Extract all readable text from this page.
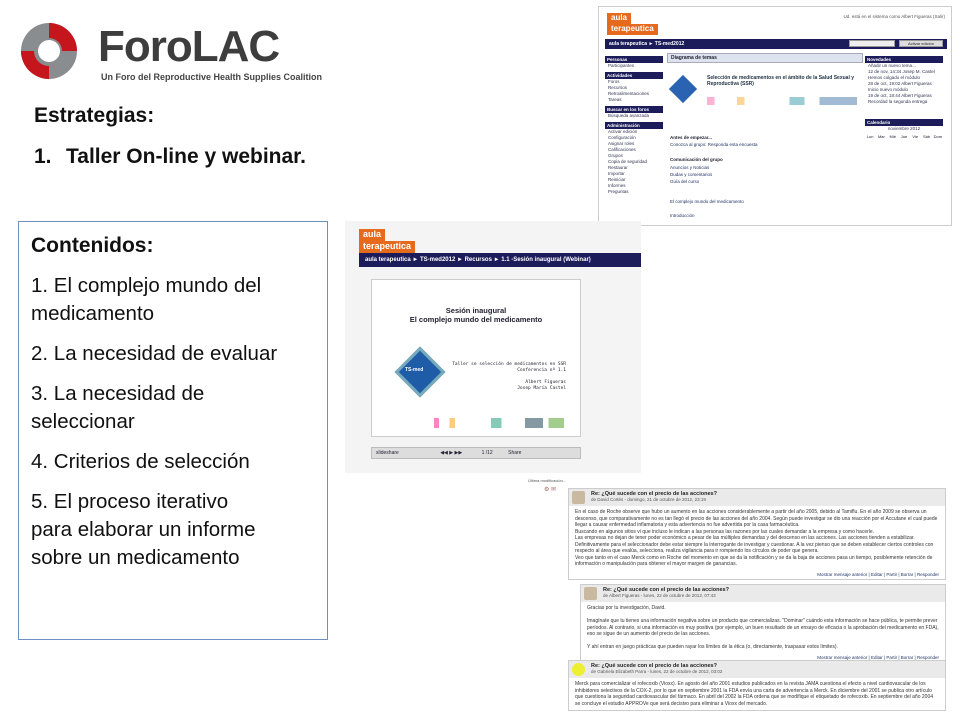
ForoLAC
Un Foro del Reproductive Health Supplies Coalition
Estrategias:
1. Taller On-line y webinar.
Contenidos:
1. El complejo mundo del
medicamento
2. La necesidad de evaluar
3. La necesidad de
seleccionar
4. Criterios de selección
5. El proceso iterativo
para elaborar un informe
sobre un medicamento
aula
terapeutica
Ud. está en el sistema como Albert Figueras (Salir)
aula terapeutica ► TS-med2012	Activar edición
Personas
Participantes
Actividades
Foros
Recursos
Retroalimentaciones
Tareas
Buscar en los foros
Búsqueda avanzada
Administración
Activar edición
Configuración
Asignar roles
Calificaciones
Grupos
Copia de seguridad
Restaurar
Importar
Reiniciar
Informes
Preguntas
Diagrama de temas
Selección de medicamentos en el ámbito de la Salud Sexual y Reproductiva (SSR)
Antes de empezar...
Conozca al grupo: Responda esta encuesta
Comunicación del grupo
Anuncios y Noticias
Dudas y comentarios
Guía del curso
El complejo mundo del medicamento
Introducción
Novedades
Añadir un nuevo tema...
12 de nov, 14:34 Josep M. Castel
Hemos colgado el módulo
28 de oct, 19:02 Albert Figueras
Inicio nuevo módulo
19 de oct, 18:44 Albert Figueras
Recordad la segunda entrega
Calendario
noviembre 2012
Lun	Mar	Mié	Jue	Vie	Sáb Dom
aula
terapeutica
aula terapeutica ► TS-med2012 ► Recursos ► 1.1 -Sesión inaugural (Webinar)
Sesión inaugural
El complejo mundo del medicamento
TS-med
Taller se selección de medicamentos en SSR
Conferencia nº 1.1

Albert Figueras
Josep María Castel
slideshare	◀◀ ▶ ▶▶	1 /12	Share
Última modificación...
⚙ ✉
Re: ¿Qué sucede con el precio de las acciones?
de David Cortés - domingo, 21 de octubre de 2012, 23:19
En el caso de Roche observe que hubo un aumento en las acciones considerablemente a partir del año 2005, debido al Tamiflu. En el año 2009 se observa un descenso, que comparativamente no es tan llegó el precio de las acciones del año 2004. Según puede investigar se dio una reacción por el Accutane el cual puede llegar a causar enfermedad inflamatoria y esta advertencia no fue advertida por la casa farmacéutica.
Buscando en algunos sitios vi que incluso le indican a las personas las razones por las cuales demandar a la empresa y como hacerle.
Las empresas no dejan de tener poder económico a pesar de las múltiples demandas y del descenso en las acciones. Las acciones tienden a estabilizar.
Definitivamente para el seleccionador debe estar siempre la interrogante de investigar y cuestionar. A la vez pienso que se deben establecer ciertos controles con respecto al área que evalúa, selecciona, realiza vigilancia para ir rompiendo los círculos de poder que genera.
Veo que tanto en el caso Merck como en Roche del momento en que se da la notificación y se da la baja de acciones pasa un tiempo, posiblemente retención de información o manipulación para obtener el mayor margen de ganancias.
Mostrar mensaje anterior | Editar | Partir | Borrar | Responder
Re: ¿Qué sucede con el precio de las acciones?
de Albert Figueras - lunes, 22 de octubre de 2012, 07:43
Gracias por tu investigación, David.

Imagínate que tu tienes una información negativa sobre un producto que comercializas. "Dominar" cuándo esta información se hace pública, te permite prever períodos. Al contrario, si una información es muy positiva (por ejemplo, un buen resultado de un ensayo de eficacia o la aprobación del medicamento en FDA), eso se sigue de un aumento del precio de las acciones.

Y ahí entran en juego prácticas que pueden rayar los límites de la ética (o, directamente, traspasar estos límites).
Mostrar mensaje anterior | Editar | Partir | Borrar | Responder
Re: ¿Qué sucede con el precio de las acciones?
de Gabriela Elizabeth Parra - lunes, 22 de octubre de 2012, 03:02
Merck para comercializar el rofecoxib (Vioxx). En agosto del año 2001 estudios publicados en la revista JAMA cuestiona el efecto a nivel cardiovascular de los inhibidores selectivos de la COX-2, por lo que en septiembre 2001 la FDA envía una carta de advertencia a Merck. En diciembre del 2001 se publica otro artículo que cuestiona la seguridad cardiovascular del fármaco. En abril del 2002 la FDA ordena que se modifique el etiquetado de rofecoxib. En septiembre del año 2004 se concluye el estudio APPROVe que será decisivo para eliminar a Vioxx del mercado.
